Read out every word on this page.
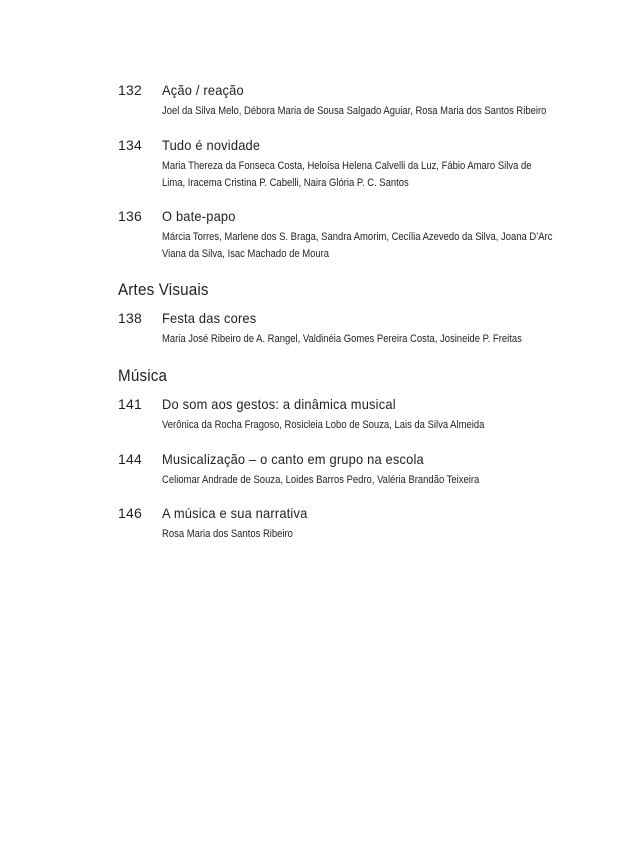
132 Ação / reação
Joel da Silva Melo, Débora Maria de Sousa Salgado Aguiar, Rosa Maria dos Santos Ribeiro
134 Tudo é novidade
Maria Thereza da Fonseca Costa, Heloísa Helena Calvelli da Luz, Fábio Amaro Silva de Lima, Iracema Cristina P. Cabelli, Naira Glória P. C. Santos
136 O bate-papo
Márcia Torres, Marlene dos S. Braga, Sandra Amorim, Cecília Azevedo da Silva, Joana D’Arc Viana da Silva, Isac Machado de Moura
Artes Visuais
138 Festa das cores
Maria José Ribeiro de A. Rangel, Valdinéia Gomes Pereira Costa, Josineide P. Freitas
Música
141 Do som aos gestos: a dinâmica musical
Verônica da Rocha Fragoso, Rosicleia Lobo de Souza, Lais da Silva Almeida
144 Musicalização – o canto em grupo na escola
Celiomar Andrade de Souza, Loides Barros Pedro, Valéria Brandão Teixeira
146 A música e sua narrativa
Rosa Maria dos Santos Ribeiro
